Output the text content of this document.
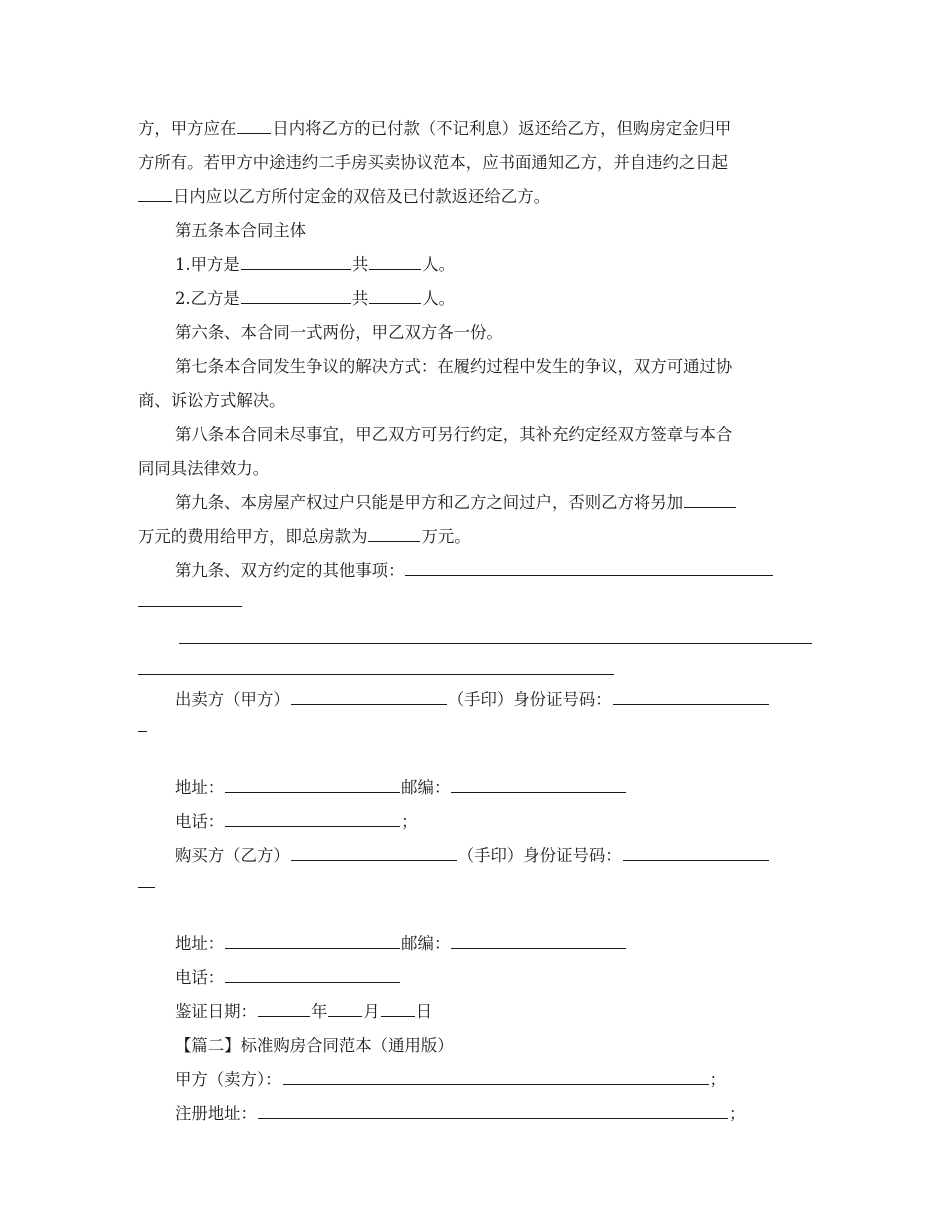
方，甲方应在 日内将乙方的已付款（不记利息）返还给乙方，但购房定金归甲
方所有。若甲方中途违约二手房买卖协议范本，应书面通知乙方，并自违约之日起
日内应以乙方所付定金的双倍及已付款返还给乙方。
第五条本合同主体
1.甲方是	共	人。
2.乙方是	共	人。
第六条、本合同一式两份，甲乙双方各一份。
第七条本合同发生争议的解决方式：在履约过程中发生的争议，双方可通过协
商、诉讼方式解决。
第八条本合同未尽事宜，甲乙双方可另行约定，其补充约定经双方签章与本合
同同具法律效力。
第九条、本房屋产权过户只能是甲方和乙方之间过户，否则乙方将另加
万元的费用给甲方，即总房款为	万元。
第九条、双方约定的其他事项：
出卖方（甲方）	（手印）身份证号码：
地址：	邮编：
电话：	；
购买方（乙方）	（手印）身份证号码：
地址：	邮编：
电话：
鉴证日期：	年 月 日
【篇二】标准购房合同范本（通用版）
甲方（卖方）：	；
注册地址：	；
